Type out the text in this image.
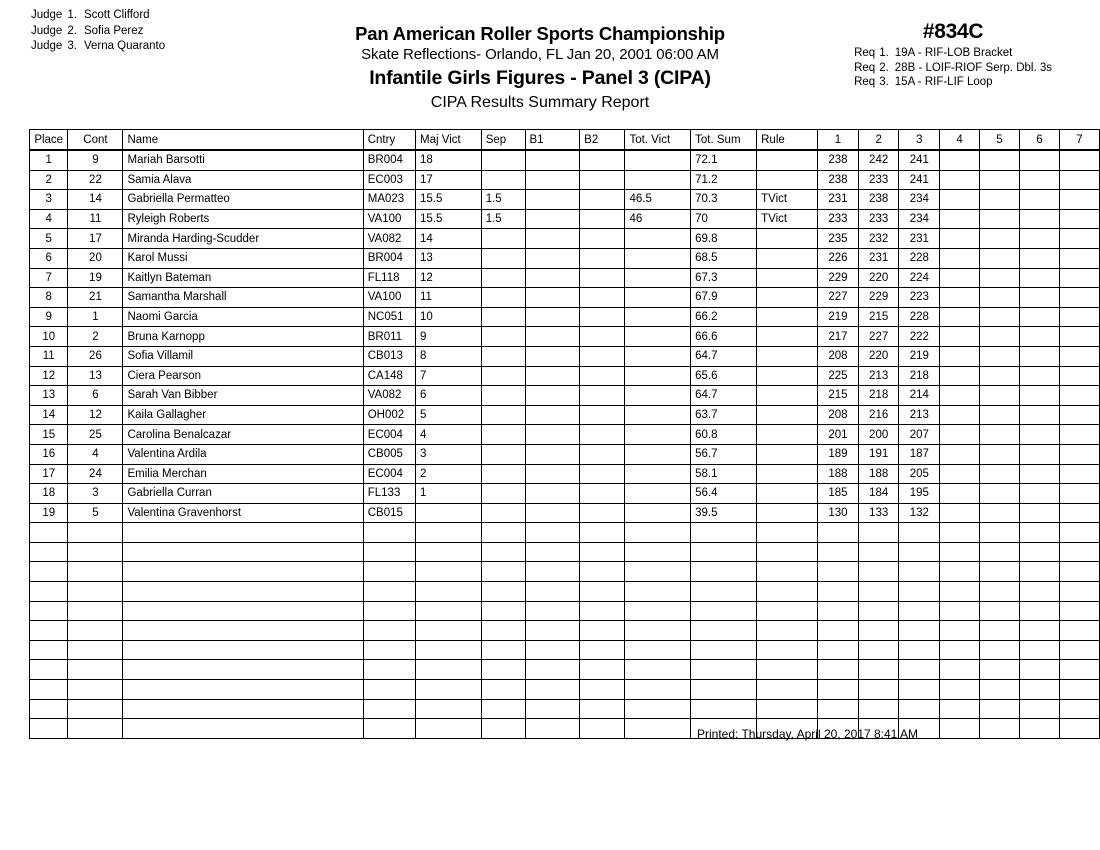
Judge 1. Scott Clifford
Judge 2. Sofia Perez
Judge 3. Verna Quaranto
Pan American Roller Sports Championship
Skate Reflections- Orlando, FL Jan 20, 2001 06:00 AM
Infantile Girls Figures - Panel 3 (CIPA)
CIPA Results Summary Report
#834C
Req 1. 19A - RIF-LOB Bracket
Req 2. 28B - LOIF-RIOF Serp. Dbl. 3s
Req 3. 15A - RIF-LIF Loop
Place	Cont	Name	Cntry	Maj Vict	Sep	B1	B2	Tot. Vict	Tot. Sum	Rule	1	2	3	4	5	6	7
1	9	Mariah Barsotti	BR004	18					72.1		238	242	241				
2	22	Samia Alava	EC003	17					71.2		238	233	241				
3	14	Gabriella Permatteo	MA023	15.5	1.5			46.5	70.3	TVict	231	238	234				
4	11	Ryleigh Roberts	VA100	15.5	1.5			46	70	TVict	233	233	234				
5	17	Miranda Harding-Scudder	VA082	14					69.8		235	232	231				
6	20	Karol Mussi	BR004	13					68.5		226	231	228				
7	19	Kaitlyn Bateman	FL118	12					67.3		229	220	224				
8	21	Samantha Marshall	VA100	11					67.9		227	229	223				
9	1	Naomi Garcia	NC051	10					66.2		219	215	228				
10	2	Bruna Karnopp	BR011	9					66.6		217	227	222				
11	26	Sofia Villamil	CB013	8					64.7		208	220	219				
12	13	Ciera Pearson	CA148	7					65.6		225	213	218				
13	6	Sarah Van Bibber	VA082	6					64.7		215	218	214				
14	12	Kaila Gallagher	OH002	5					63.7		208	216	213				
15	25	Carolina Benalcazar	EC004	4					60.8		201	200	207				
16	4	Valentina Ardila	CB005	3					56.7		189	191	187				
17	24	Emilia Merchan	EC004	2					58.1		188	188	205				
18	3	Gabriella Curran	FL133	1					56.4		185	184	195				
19	5	Valentina Gravenhorst	CB015						39.5		130	133	132				

Printed: Thursday, April 20, 2017 8:41 AM
